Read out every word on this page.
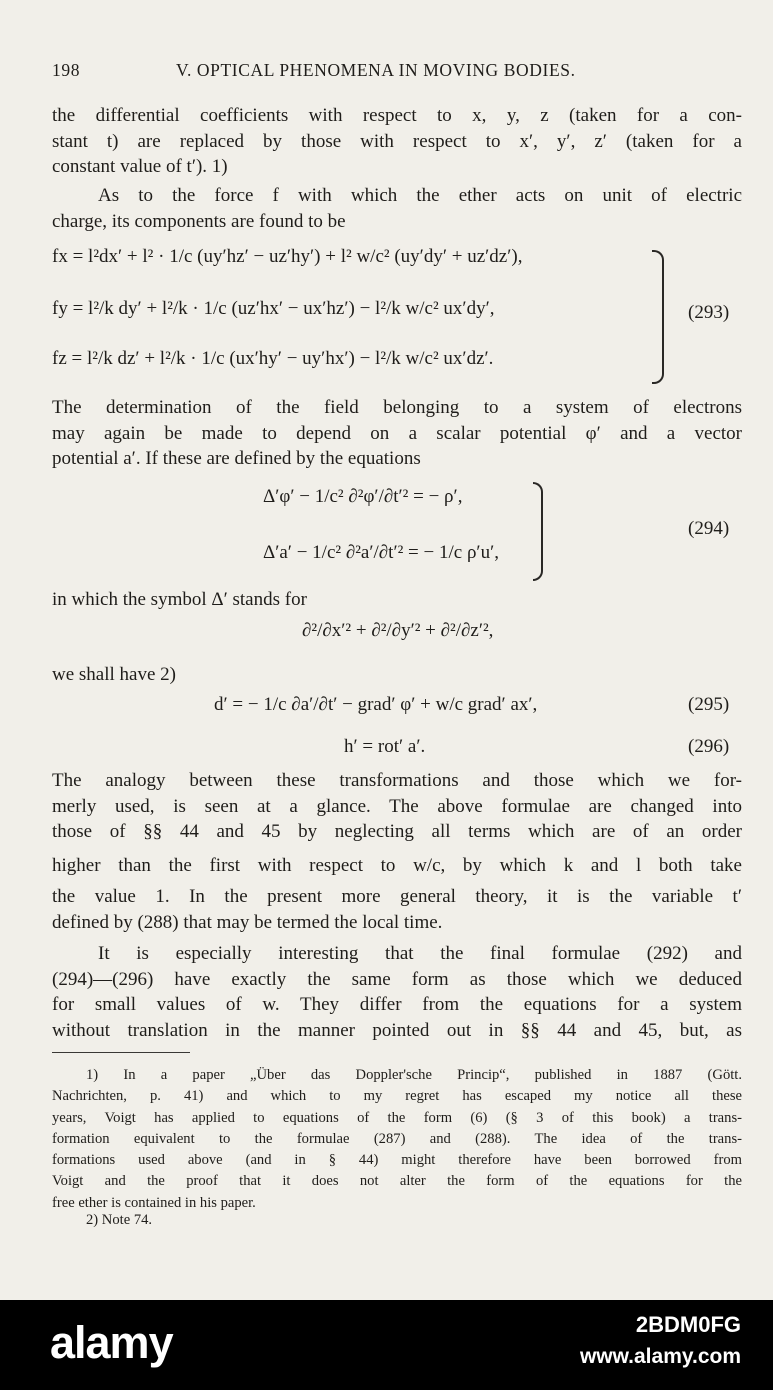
198	V. OPTICAL PHENOMENA IN MOVING BODIES.
the differential coefficients with respect to x, y, z (taken for a con-
stant t) are replaced by those with respect to x′, y′, z′ (taken for a
constant value of t′). 1)
As to the force f with which the ether acts on unit of electric
charge, its components are found to be
fx = l²dx′ + l² · 1/c (uy′hz′ − uz′hy′) + l² w/c² (uy′dy′ + uz′dz′),
fy = l²/k dy′ + l²/k · 1/c (uz′hx′ − ux′hz′) − l²/k w/c² ux′dy′,
fz = l²/k dz′ + l²/k · 1/c (ux′hy′ − uy′hx′) − l²/k w/c² ux′dz′.
(293)
The determination of the field belonging to a system of electrons
may again be made to depend on a scalar potential φ′ and a vector
potential a′. If these are defined by the equations
Δ′φ′ − 1/c² ∂²φ′/∂t′² = − ρ′,
Δ′a′ − 1/c² ∂²a′/∂t′² = − 1/c ρ′u′,
(294)
in which the symbol Δ′ stands for
∂²/∂x′² + ∂²/∂y′² + ∂²/∂z′²,
we shall have 2)
d′ = − 1/c ∂a′/∂t′ − grad′ φ′ + w/c grad′ ax′,	(295)
h′ = rot′ a′.	(296)
The analogy between these transformations and those which we for-
merly used, is seen at a glance. The above formulae are changed into
those of §§ 44 and 45 by neglecting all terms which are of an order
higher than the first with respect to w/c, by which k and l both take
the value 1. In the present more general theory, it is the variable t′
defined by (288) that may be termed the local time.
It is especially interesting that the final formulae (292) and
(294)—(296) have exactly the same form as those which we deduced
for small values of w. They differ from the equations for a system
without translation in the manner pointed out in §§ 44 and 45, but, as
1) In a paper „Über das Doppler'sche Princip“, published in 1887 (Gött.
Nachrichten, p. 41) and which to my regret has escaped my notice all these
years, Voigt has applied to equations of the form (6) (§ 3 of this book) a trans-
formation equivalent to the formulae (287) and (288). The idea of the trans-
formations used above (and in § 44) might therefore have been borrowed from
Voigt and the proof that it does not alter the form of the equations for the
free ether is contained in his paper.
2) Note 74.
alamy	2BDM0FG
www.alamy.com
